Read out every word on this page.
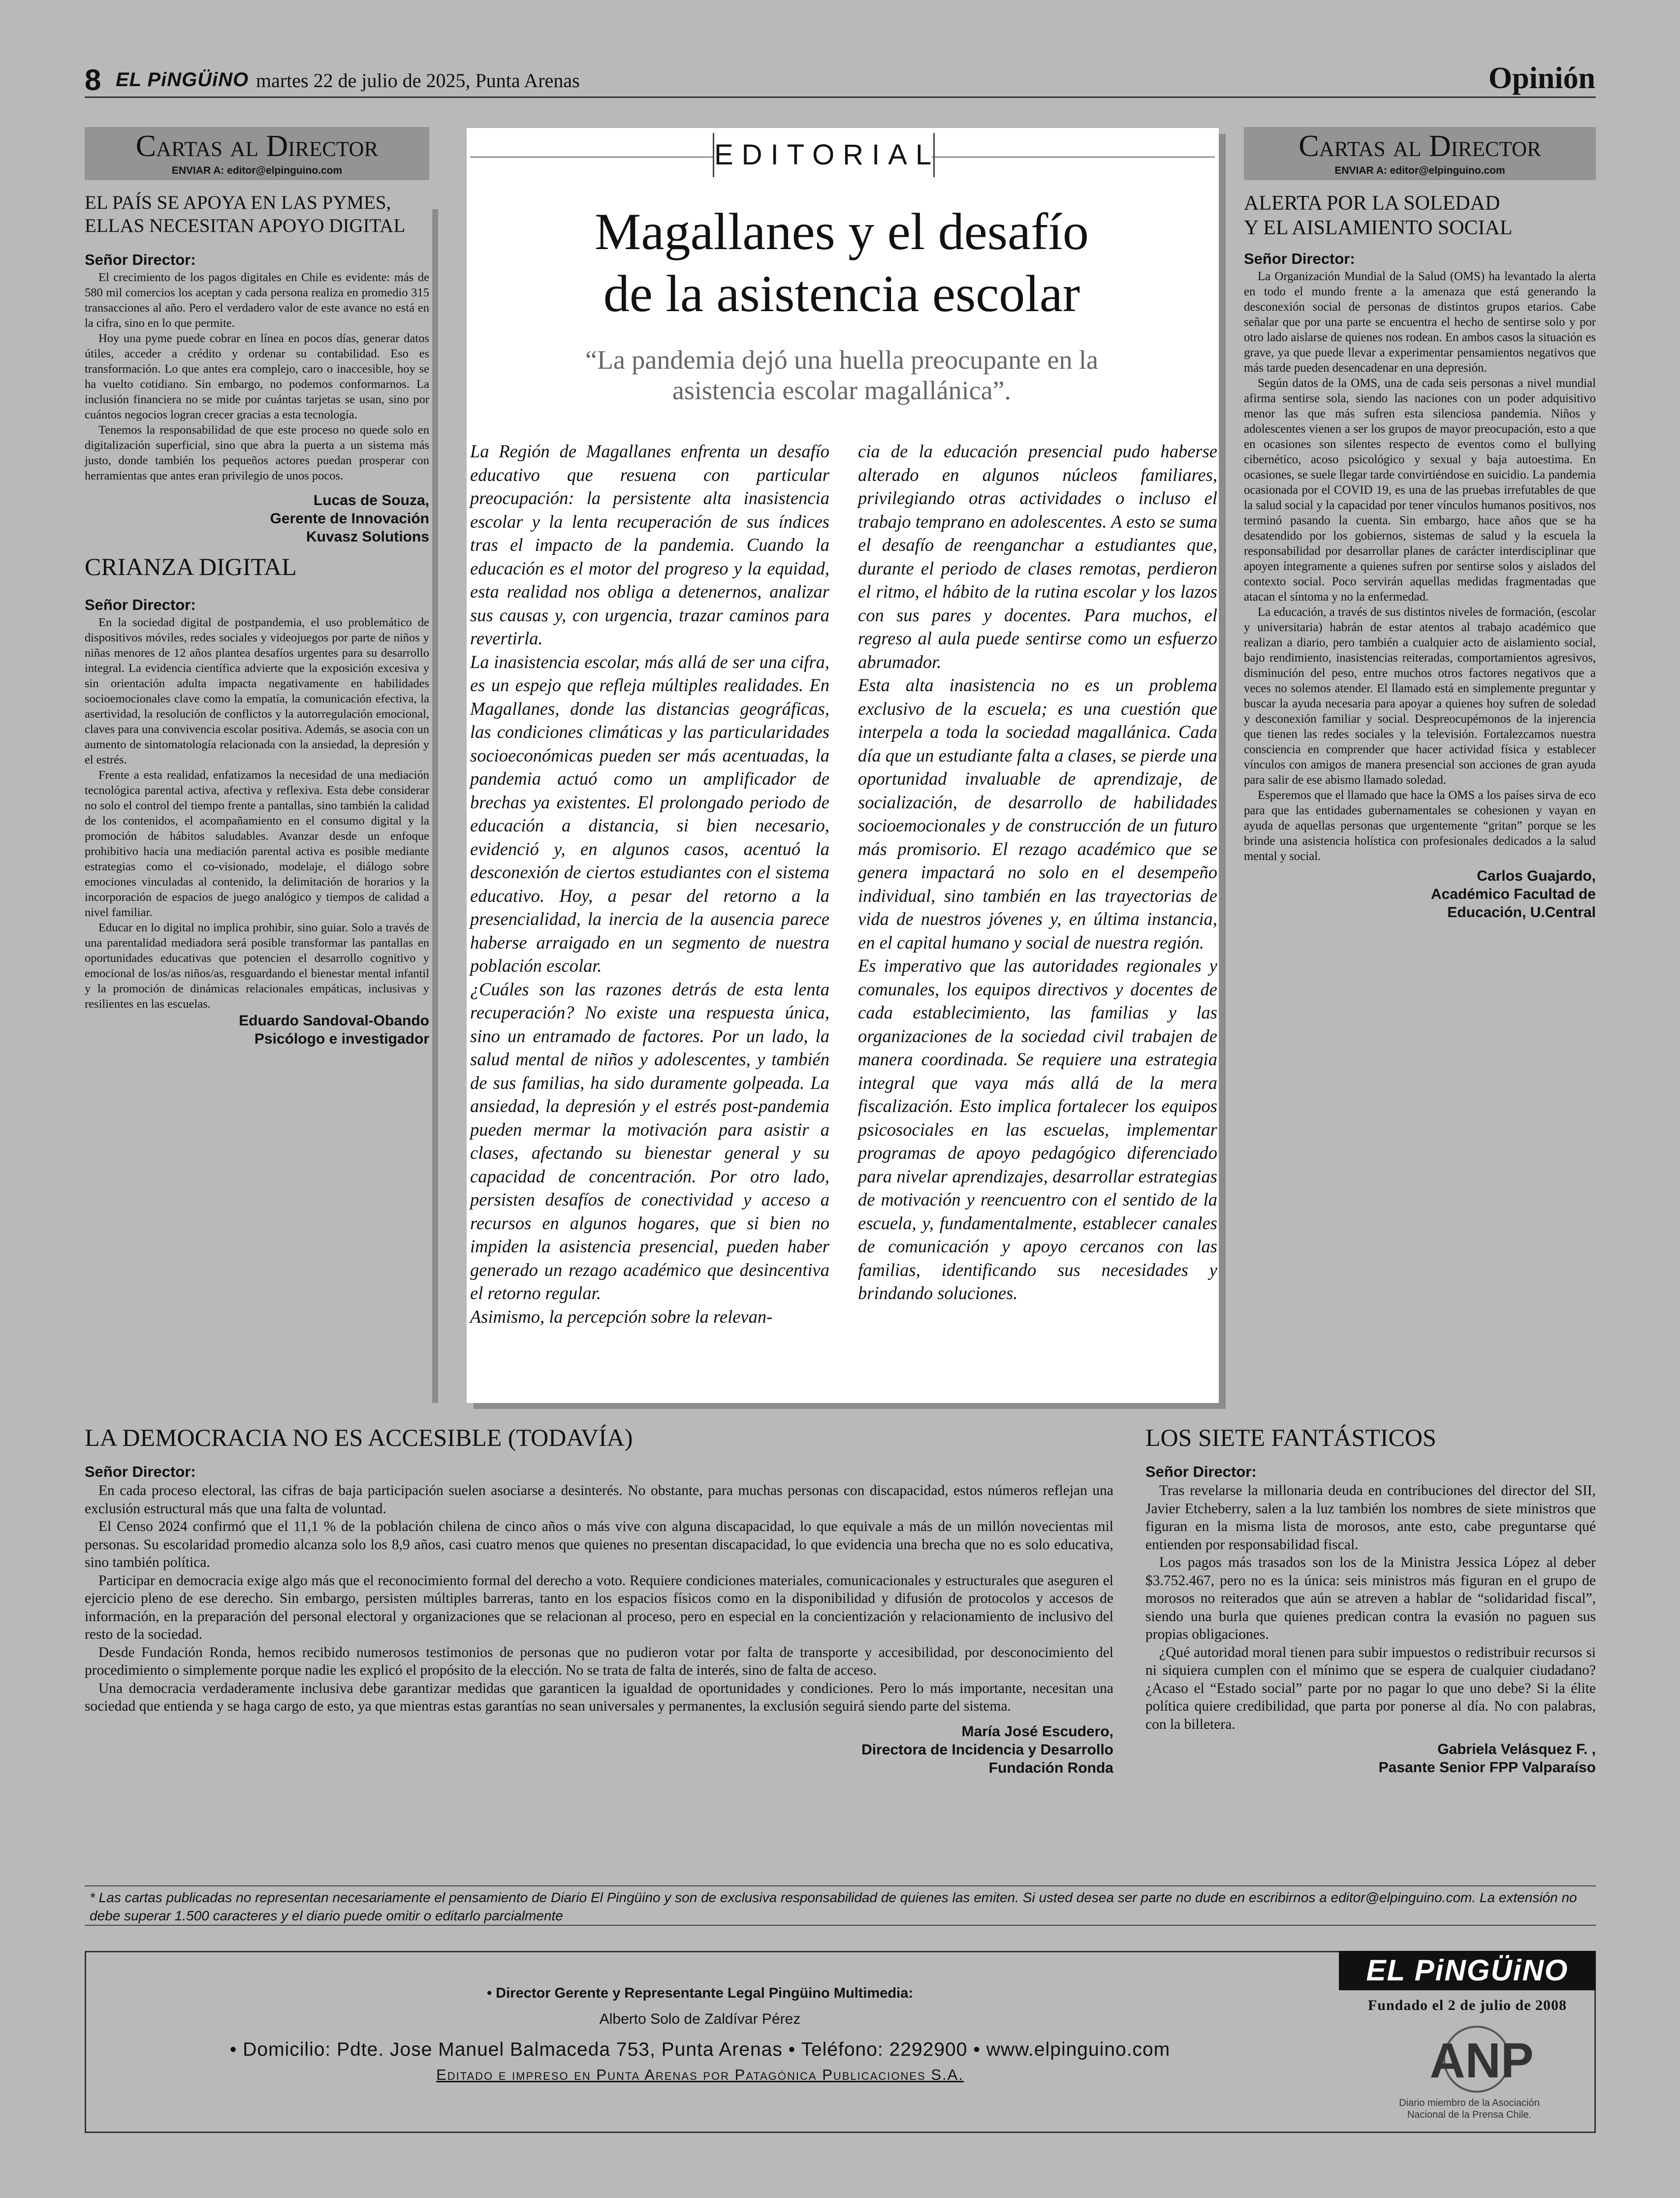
8 EL PiNGÜiNO martes 22 de julio de 2025, Punta Arenas	Opinión
Cartas al Director
ENVIAR A: editor@elpinguino.com
EL PAÍS SE APOYA EN LAS PYMES,
ELLAS NECESITAN APOYO DIGITAL
Señor Director:

El crecimiento de los pagos digitales en Chile es evidente: más de 580 mil comercios los aceptan y cada persona realiza en promedio 315 transacciones al año. Pero el verdadero valor de este avance no está en la cifra, sino en lo que permite.

Hoy una pyme puede cobrar en línea en pocos días, generar datos útiles, acceder a crédito y ordenar su contabilidad. Eso es transformación. Lo que antes era complejo, caro o inaccesible, hoy se ha vuelto cotidiano. Sin embargo, no podemos conformarnos. La inclusión financiera no se mide por cuántas tarjetas se usan, sino por cuántos negocios logran crecer gracias a esta tecnología.

Tenemos la responsabilidad de que este proceso no quede solo en digitalización superficial, sino que abra la puerta a un sistema más justo, donde también los pequeños actores puedan prosperar con herramientas que antes eran privilegio de unos pocos.

Lucas de Souza,
Gerente de Innovación
Kuvasz Solutions
CRIANZA DIGITAL
Señor Director:

En la sociedad digital de postpandemia, el uso problemático de dispositivos móviles, redes sociales y videojuegos por parte de niños y niñas menores de 12 años plantea desafíos urgentes para su desarrollo integral. La evidencia científica advierte que la exposición excesiva y sin orientación adulta impacta negativamente en habilidades socioemocionales clave como la empatía, la comunicación efectiva, la asertividad, la resolución de conflictos y la autorregulación emocional, claves para una convivencia escolar positiva. Además, se asocia con un aumento de sintomatología relacionada con la ansiedad, la depresión y el estrés.

Frente a esta realidad, enfatizamos la necesidad de una mediación tecnológica parental activa, afectiva y reflexiva. Esta debe considerar no solo el control del tiempo frente a pantallas, sino también la calidad de los contenidos, el acompañamiento en el consumo digital y la promoción de hábitos saludables. Avanzar desde un enfoque prohibitivo hacia una mediación parental activa es posible mediante estrategias como el co-visionado, modelaje, el diálogo sobre emociones vinculadas al contenido, la delimitación de horarios y la incorporación de espacios de juego analógico y tiempos de calidad a nivel familiar.

Educar en lo digital no implica prohibir, sino guiar. Solo a través de una parentalidad mediadora será posible transformar las pantallas en oportunidades educativas que potencien el desarrollo cognitivo y emocional de los/as niños/as, resguardando el bienestar mental infantil y la promoción de dinámicas relacionales empáticas, inclusivas y resilientes en las escuelas.

Eduardo Sandoval-Obando
Psicólogo e investigador
EDITORIAL
Magallanes y el desafío
de la asistencia escolar
“La pandemia dejó una huella preocupante en la
asistencia escolar magallánica”.

La Región de Magallanes enfrenta un desafío educativo que resuena con particular preocupación: la persistente alta inasistencia escolar y la lenta recuperación de sus índices tras el impacto de la pandemia. Cuando la educación es el motor del progreso y la equidad, esta realidad nos obliga a detenernos, analizar sus causas y, con urgencia, trazar caminos para revertirla.

La inasistencia escolar, más allá de ser una cifra, es un espejo que refleja múltiples realidades. En Magallanes, donde las distancias geográficas, las condiciones climáticas y las particularidades socioeconómicas pueden ser más acentuadas, la pandemia actuó como un amplificador de brechas ya existentes. El prolongado periodo de educación a distancia, si bien necesario, evidenció y, en algunos casos, acentuó la desconexión de ciertos estudiantes con el sistema educativo. Hoy, a pesar del retorno a la presencialidad, la inercia de la ausencia parece haberse arraigado en un segmento de nuestra población escolar.

¿Cuáles son las razones detrás de esta lenta recuperación? No existe una respuesta única, sino un entramado de factores. Por un lado, la salud mental de niños y adolescentes, y también de sus familias, ha sido duramente golpeada. La ansiedad, la depresión y el estrés post-pandemia pueden mermar la motivación para asistir a clases, afectando su bienestar general y su capacidad de concentración. Por otro lado, persisten desafíos de conectividad y acceso a recursos en algunos hogares, que si bien no impiden la asistencia presencial, pueden haber generado un rezago académico que desincentiva el retorno regular.

Asimismo, la percepción sobre la relevan-

cia de la educación presencial pudo haberse alterado en algunos núcleos familiares, privilegiando otras actividades o incluso el trabajo temprano en adolescentes. A esto se suma el desafío de reenganchar a estudiantes que, durante el periodo de clases remotas, perdieron el ritmo, el hábito de la rutina escolar y los lazos con sus pares y docentes. Para muchos, el regreso al aula puede sentirse como un esfuerzo abrumador.

Esta alta inasistencia no es un problema exclusivo de la escuela; es una cuestión que interpela a toda la sociedad magallánica. Cada día que un estudiante falta a clases, se pierde una oportunidad invaluable de aprendizaje, de socialización, de desarrollo de habilidades socioemocionales y de construcción de un futuro más promisorio. El rezago académico que se genera impactará no solo en el desempeño individual, sino también en las trayectorias de vida de nuestros jóvenes y, en última instancia, en el capital humano y social de nuestra región.

Es imperativo que las autoridades regionales y comunales, los equipos directivos y docentes de cada establecimiento, las familias y las organizaciones de la sociedad civil trabajen de manera coordinada. Se requiere una estrategia integral que vaya más allá de la mera fiscalización. Esto implica fortalecer los equipos psicosociales en las escuelas, implementar programas de apoyo pedagógico diferenciado para nivelar aprendizajes, desarrollar estrategias de motivación y reencuentro con el sentido de la escuela, y, fundamentalmente, establecer canales de comunicación y apoyo cercanos con las familias, identificando sus necesidades y brindando soluciones.

Cartas al Director
ENVIAR A: editor@elpinguino.com
ALERTA POR LA SOLEDAD
Y EL AISLAMIENTO SOCIAL
Señor Director:

La Organización Mundial de la Salud (OMS) ha levantado la alerta en todo el mundo frente a la amenaza que está generando la desconexión social de personas de distintos grupos etarios. Cabe señalar que por una parte se encuentra el hecho de sentirse solo y por otro lado aislarse de quienes nos rodean. En ambos casos la situación es grave, ya que puede llevar a experimentar pensamientos negativos que más tarde pueden desencadenar en una depresión.

Según datos de la OMS, una de cada seis personas a nivel mundial afirma sentirse sola, siendo las naciones con un poder adquisitivo menor las que más sufren esta silenciosa pandemia. Niños y adolescentes vienen a ser los grupos de mayor preocupación, esto a que en ocasiones son silentes respecto de eventos como el bullying cibernético, acoso psicológico y sexual y baja autoestima. En ocasiones, se suele llegar tarde convirtiéndose en suicidio. La pandemia ocasionada por el COVID 19, es una de las pruebas irrefutables de que la salud social y la capacidad por tener vínculos humanos positivos, nos terminó pasando la cuenta. Sin embargo, hace años que se ha desatendido por los gobiernos, sistemas de salud y la escuela la responsabilidad por desarrollar planes de carácter interdisciplinar que apoyen íntegramente a quienes sufren por sentirse solos y aislados del contexto social. Poco servirán aquellas medidas fragmentadas que atacan el síntoma y no la enfermedad.

La educación, a través de sus distintos niveles de formación, (escolar y universitaria) habrán de estar atentos al trabajo académico que realizan a diario, pero también a cualquier acto de aislamiento social, bajo rendimiento, inasistencias reiteradas, comportamientos agresivos, disminución del peso, entre muchos otros factores negativos que a veces no solemos atender. El llamado está en simplemente preguntar y buscar la ayuda necesaria para apoyar a quienes hoy sufren de soledad y desconexión familiar y social. Despreocupémonos de la injerencia que tienen las redes sociales y la televisión. Fortalezcamos nuestra consciencia en comprender que hacer actividad física y establecer vínculos con amigos de manera presencial son acciones de gran ayuda para salir de ese abismo llamado soledad.

Esperemos que el llamado que hace la OMS a los países sirva de eco para que las entidades gubernamentales se cohesionen y vayan en ayuda de aquellas personas que urgentemente “gritan” porque se les brinde una asistencia holística con profesionales dedicados a la salud mental y social.

Carlos Guajardo,
Académico Facultad de
Educación, U.Central
LA DEMOCRACIA NO ES ACCESIBLE (TODAVÍA)
Señor Director:

En cada proceso electoral, las cifras de baja participación suelen asociarse a desinterés. No obstante, para muchas personas con discapacidad, estos números reflejan una exclusión estructural más que una falta de voluntad.

El Censo 2024 confirmó que el 11,1 % de la población chilena de cinco años o más vive con alguna discapacidad, lo que equivale a más de un millón novecientas mil personas. Su escolaridad promedio alcanza solo los 8,9 años, casi cuatro menos que quienes no presentan discapacidad, lo que evidencia una brecha que no es solo educativa, sino también política.

Participar en democracia exige algo más que el reconocimiento formal del derecho a voto. Requiere condiciones materiales, comunicacionales y estructurales que aseguren el ejercicio pleno de ese derecho. Sin embargo, persisten múltiples barreras, tanto en los espacios físicos como en la disponibilidad y difusión de protocolos y accesos de información, en la preparación del personal electoral y organizaciones que se relacionan al proceso, pero en especial en la concientización y relacionamiento de inclusivo del resto de la sociedad.

Desde Fundación Ronda, hemos recibido numerosos testimonios de personas que no pudieron votar por falta de transporte y accesibilidad, por desconocimiento del procedimiento o simplemente porque nadie les explicó el propósito de la elección. No se trata de falta de interés, sino de falta de acceso.

Una democracia verdaderamente inclusiva debe garantizar medidas que garanticen la igualdad de oportunidades y condiciones. Pero lo más importante, necesitan una sociedad que entienda y se haga cargo de esto, ya que mientras estas garantías no sean universales y permanentes, la exclusión seguirá siendo parte del sistema.

María José Escudero,
Directora de Incidencia y Desarrollo
Fundación Ronda
LOS SIETE FANTÁSTICOS
Señor Director:

Tras revelarse la millonaria deuda en contribuciones del director del SII, Javier Etcheberry, salen a la luz también los nombres de siete ministros que figuran en la misma lista de morosos, ante esto, cabe preguntarse qué entienden por responsabilidad fiscal.

Los pagos más trasados son los de la Ministra Jessica López al deber $3.752.467, pero no es la única: seis ministros más figuran en el grupo de morosos no reiterados que aún se atreven a hablar de “solidaridad fiscal”, siendo una burla que quienes predican contra la evasión no paguen sus propias obligaciones.

¿Qué autoridad moral tienen para subir impuestos o redistribuir recursos si ni siquiera cumplen con el mínimo que se espera de cualquier ciudadano? ¿Acaso el “Estado social” parte por no pagar lo que uno debe? Si la élite política quiere credibilidad, que parta por ponerse al día. No con palabras, con la billetera.

Gabriela Velásquez F. ,
Pasante Senior FPP Valparaíso
* Las cartas publicadas no representan necesariamente el pensamiento de Diario El Pingüino y son de exclusiva responsabilidad de quienes las emiten. Si usted desea ser parte no dude en escribirnos a editor@elpinguino.com. La extensión no debe superar 1.500 caracteres y el diario puede omitir o editarlo parcialmente
• Director Gerente y Representante Legal Pingüino Multimedia:
Alberto Solo de Zaldívar Pérez
• Domicilio: Pdte. Jose Manuel Balmaceda 753, Punta Arenas • Teléfono: 2292900 • www.elpinguino.com
Editado e impreso en Punta Arenas por Patagónica Publicaciones S.A.
EL PiNGÜiNO
Fundado el 2 de julio de 2008
ANP
Diario miembro de la Asociación
Nacional de la Prensa Chile.
